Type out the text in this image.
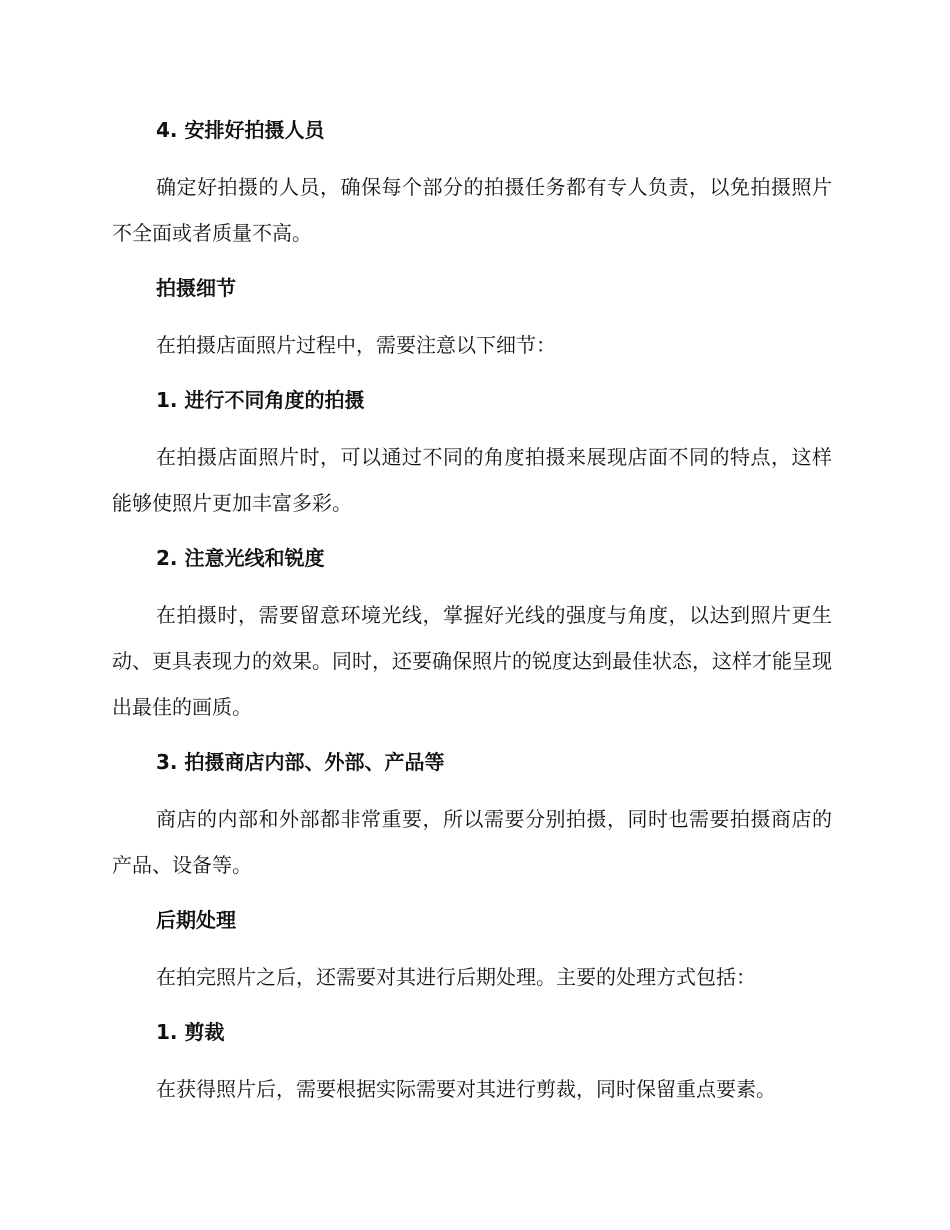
4. 安排好拍摄人员
确定好拍摄的人员，确保每个部分的拍摄任务都有专人负责，以免拍摄照片不全面或者质量不高。
拍摄细节
在拍摄店面照片过程中，需要注意以下细节：
1. 进行不同角度的拍摄
在拍摄店面照片时，可以通过不同的角度拍摄来展现店面不同的特点，这样能够使照片更加丰富多彩。
2. 注意光线和锐度
在拍摄时，需要留意环境光线，掌握好光线的强度与角度，以达到照片更生动、更具表现力的效果。同时，还要确保照片的锐度达到最佳状态，这样才能呈现出最佳的画质。
3. 拍摄商店内部、外部、产品等
商店的内部和外部都非常重要，所以需要分别拍摄，同时也需要拍摄商店的产品、设备等。
后期处理
在拍完照片之后，还需要对其进行后期处理。主要的处理方式包括：
1. 剪裁
在获得照片后，需要根据实际需要对其进行剪裁，同时保留重点要素。
